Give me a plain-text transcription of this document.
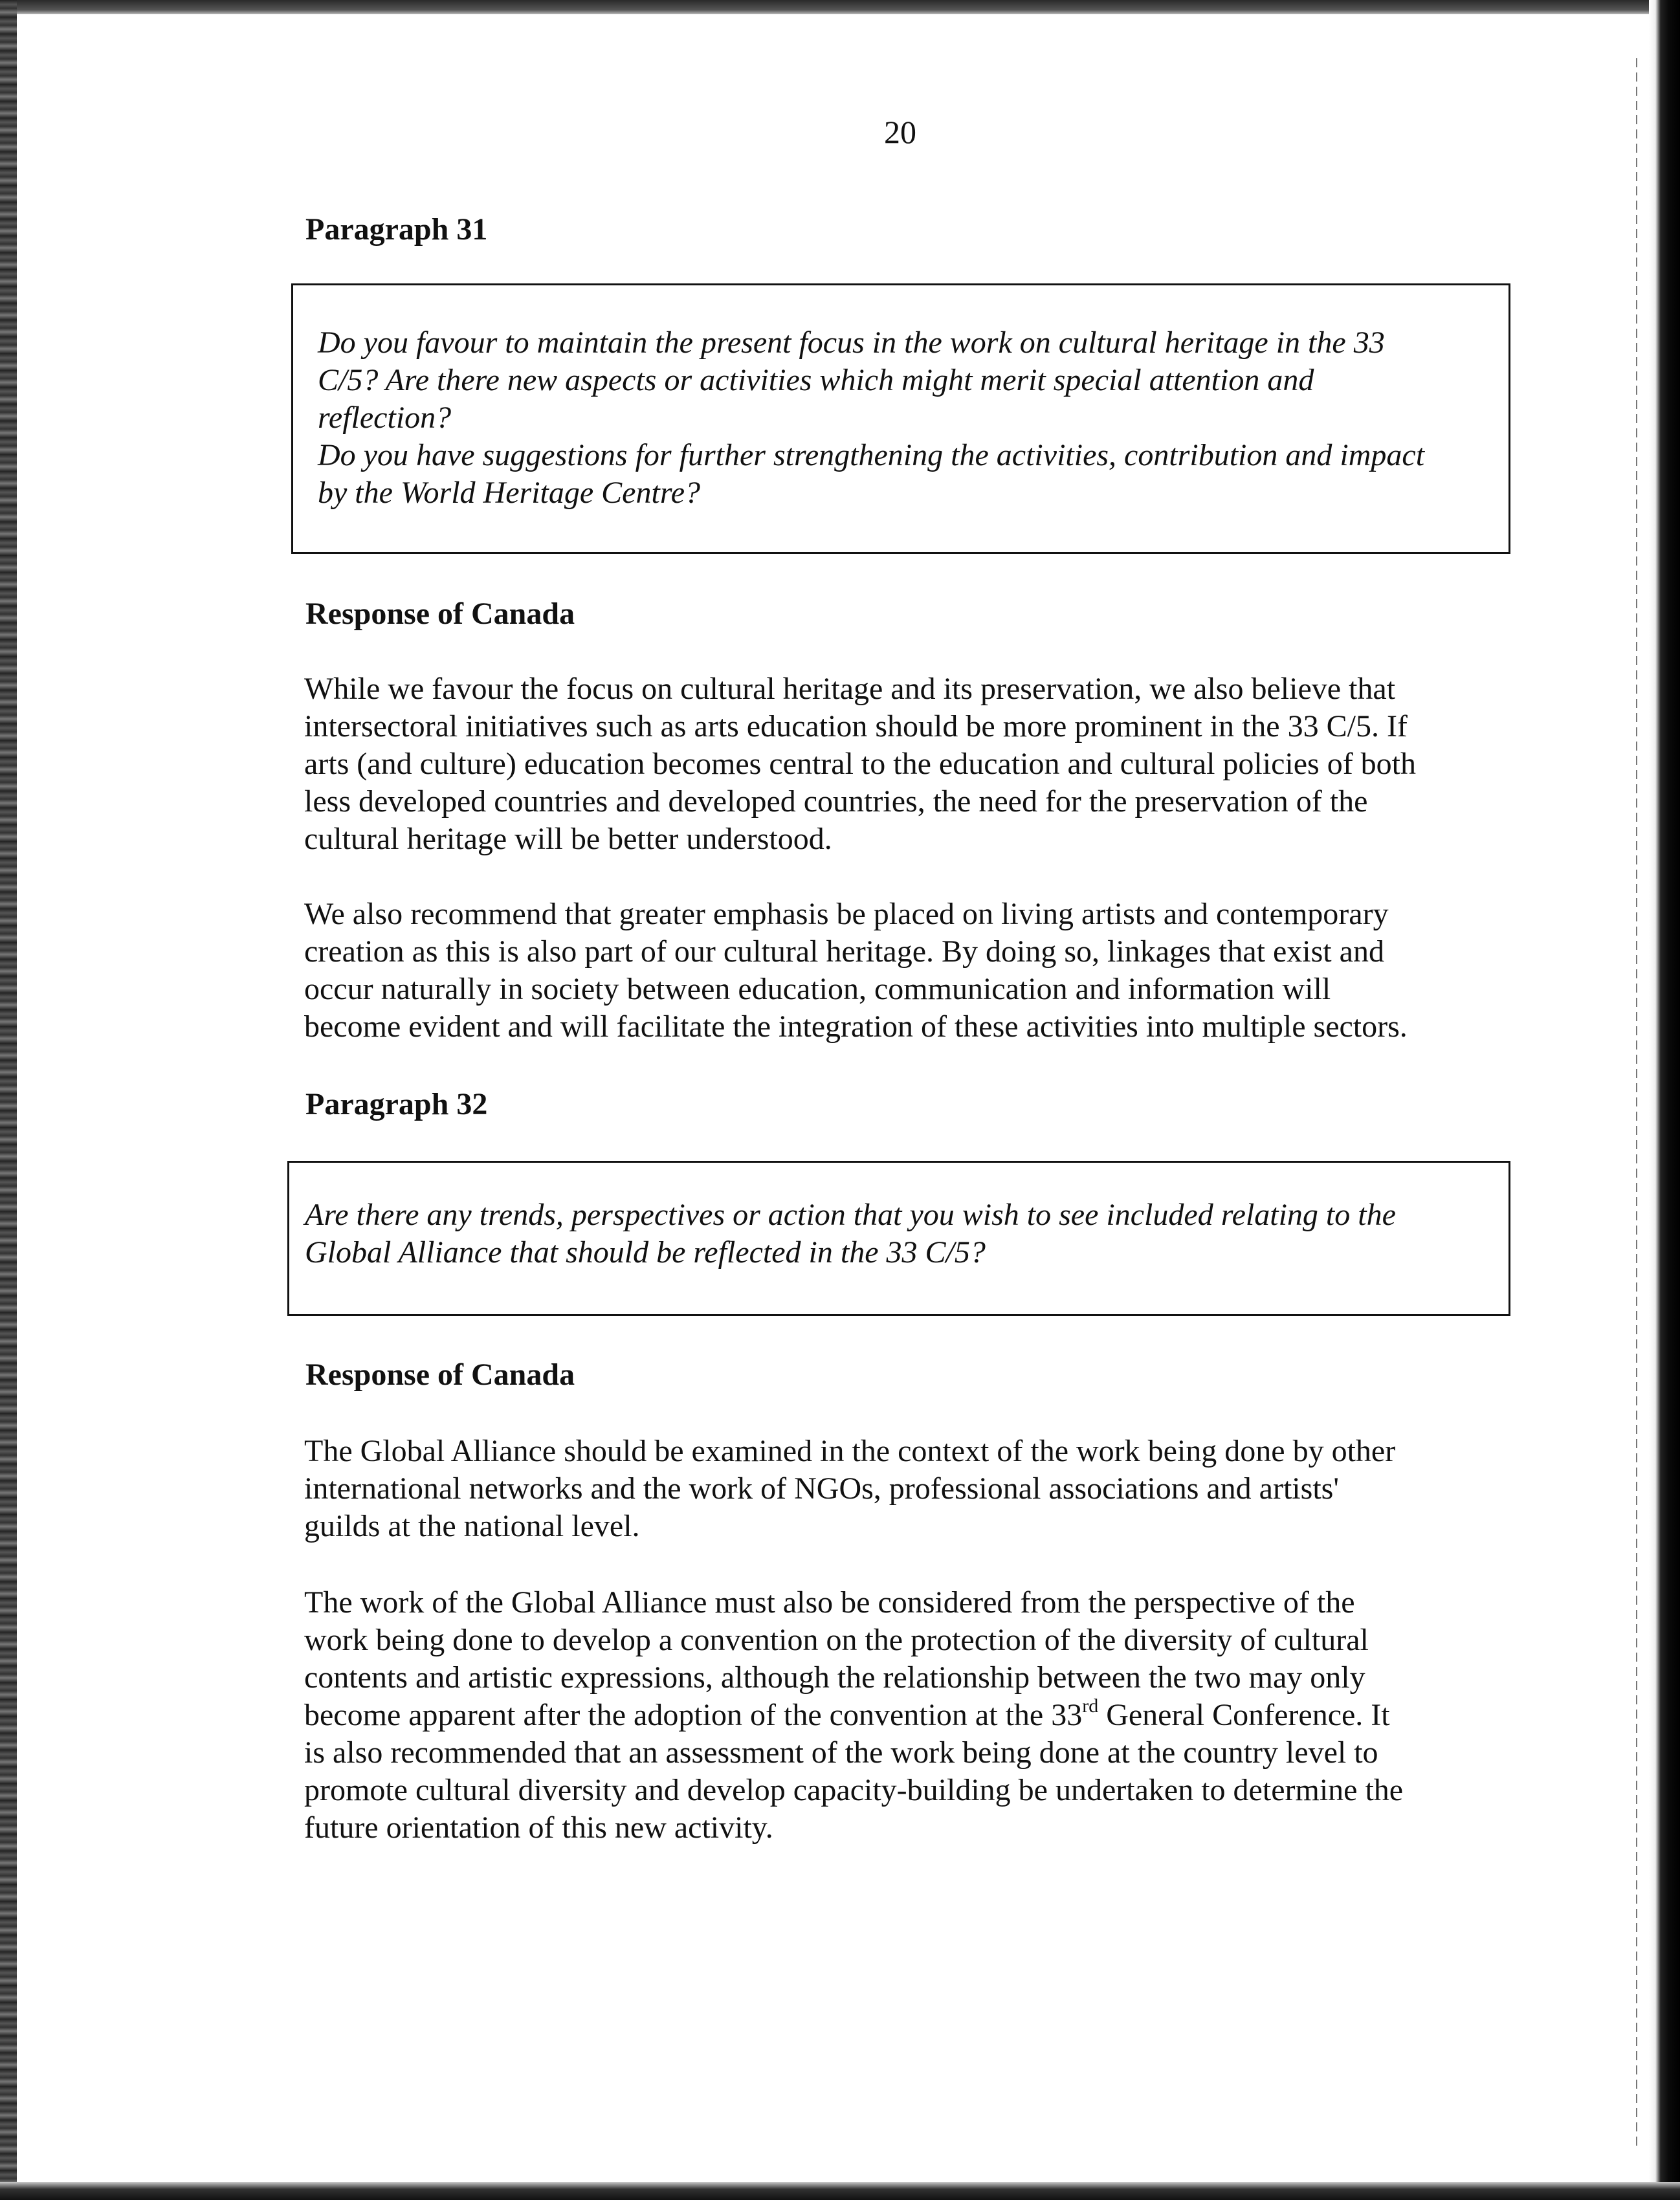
20
Paragraph 31

Do you favour to maintain the present focus in the work on cultural heritage in the 33

C/5? Are there new aspects or activities which might merit special attention and

reflection?

Do you have suggestions for further strengthening the activities, contribution and impact

by the World Heritage Centre?

Response of Canada

While we favour the focus on cultural heritage and its preservation, we also believe that

intersectoral initiatives such as arts education should be more prominent in the 33 C/5. If

arts (and culture) education becomes central to the education and cultural policies of both

less developed countries and developed countries, the need for the preservation of the

cultural heritage will be better understood.

We also recommend that greater emphasis be placed on living artists and contemporary

creation as this is also part of our cultural heritage. By doing so, linkages that exist and

occur naturally in society between education, communication and information will

become evident and will facilitate the integration of these activities into multiple sectors.

Paragraph 32

Are there any trends, perspectives or action that you wish to see included relating to the

Global Alliance that should be reflected in the 33 C/5?

Response of Canada

The Global Alliance should be examined in the context of the work being done by other

international networks and the work of NGOs, professional associations and artists'

guilds at the national level.

The work of the Global Alliance must also be considered from the perspective of the

work being done to develop a convention on the protection of the diversity of cultural

contents and artistic expressions, although the relationship between the two may only

become apparent after the adoption of the convention at the 33rd General Conference. It

is also recommended that an assessment of the work being done at the country level to

promote cultural diversity and develop capacity-building be undertaken to determine the

future orientation of this new activity.
